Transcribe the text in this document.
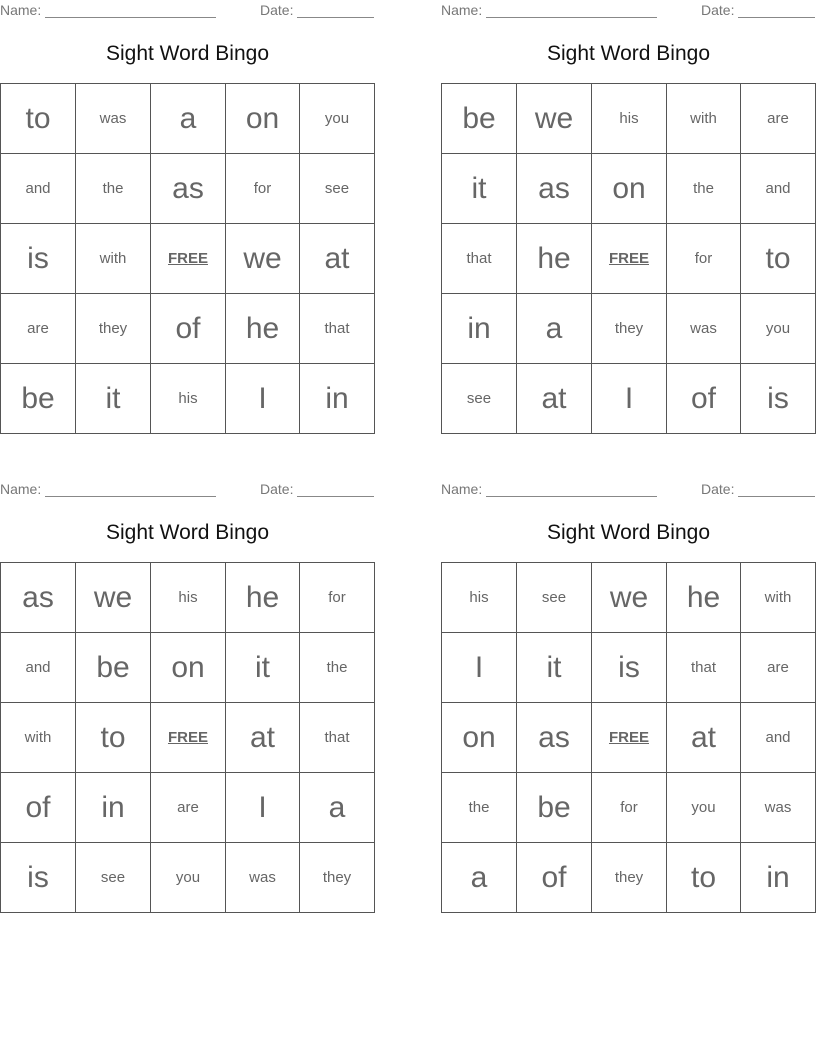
Name:	Date:
Sight Word Bingo
to	was	a	on	you
and	the	as	for	see
is	with	FREE	we	at
are	they	of	he	that
be	it	his	I	in
Name:	Date:
Sight Word Bingo
be	we	his	with	are
it	as	on	the	and
that	he	FREE	for	to
in	a	they	was	you
see	at	I	of	is
Name:	Date:
Sight Word Bingo
as	we	his	he	for
and	be	on	it	the
with	to	FREE	at	that
of	in	are	I	a
is	see	you	was	they
Name:	Date:
Sight Word Bingo
his	see	we	he	with
I	it	is	that	are
on	as	FREE	at	and
the	be	for	you	was
a	of	they	to	in
